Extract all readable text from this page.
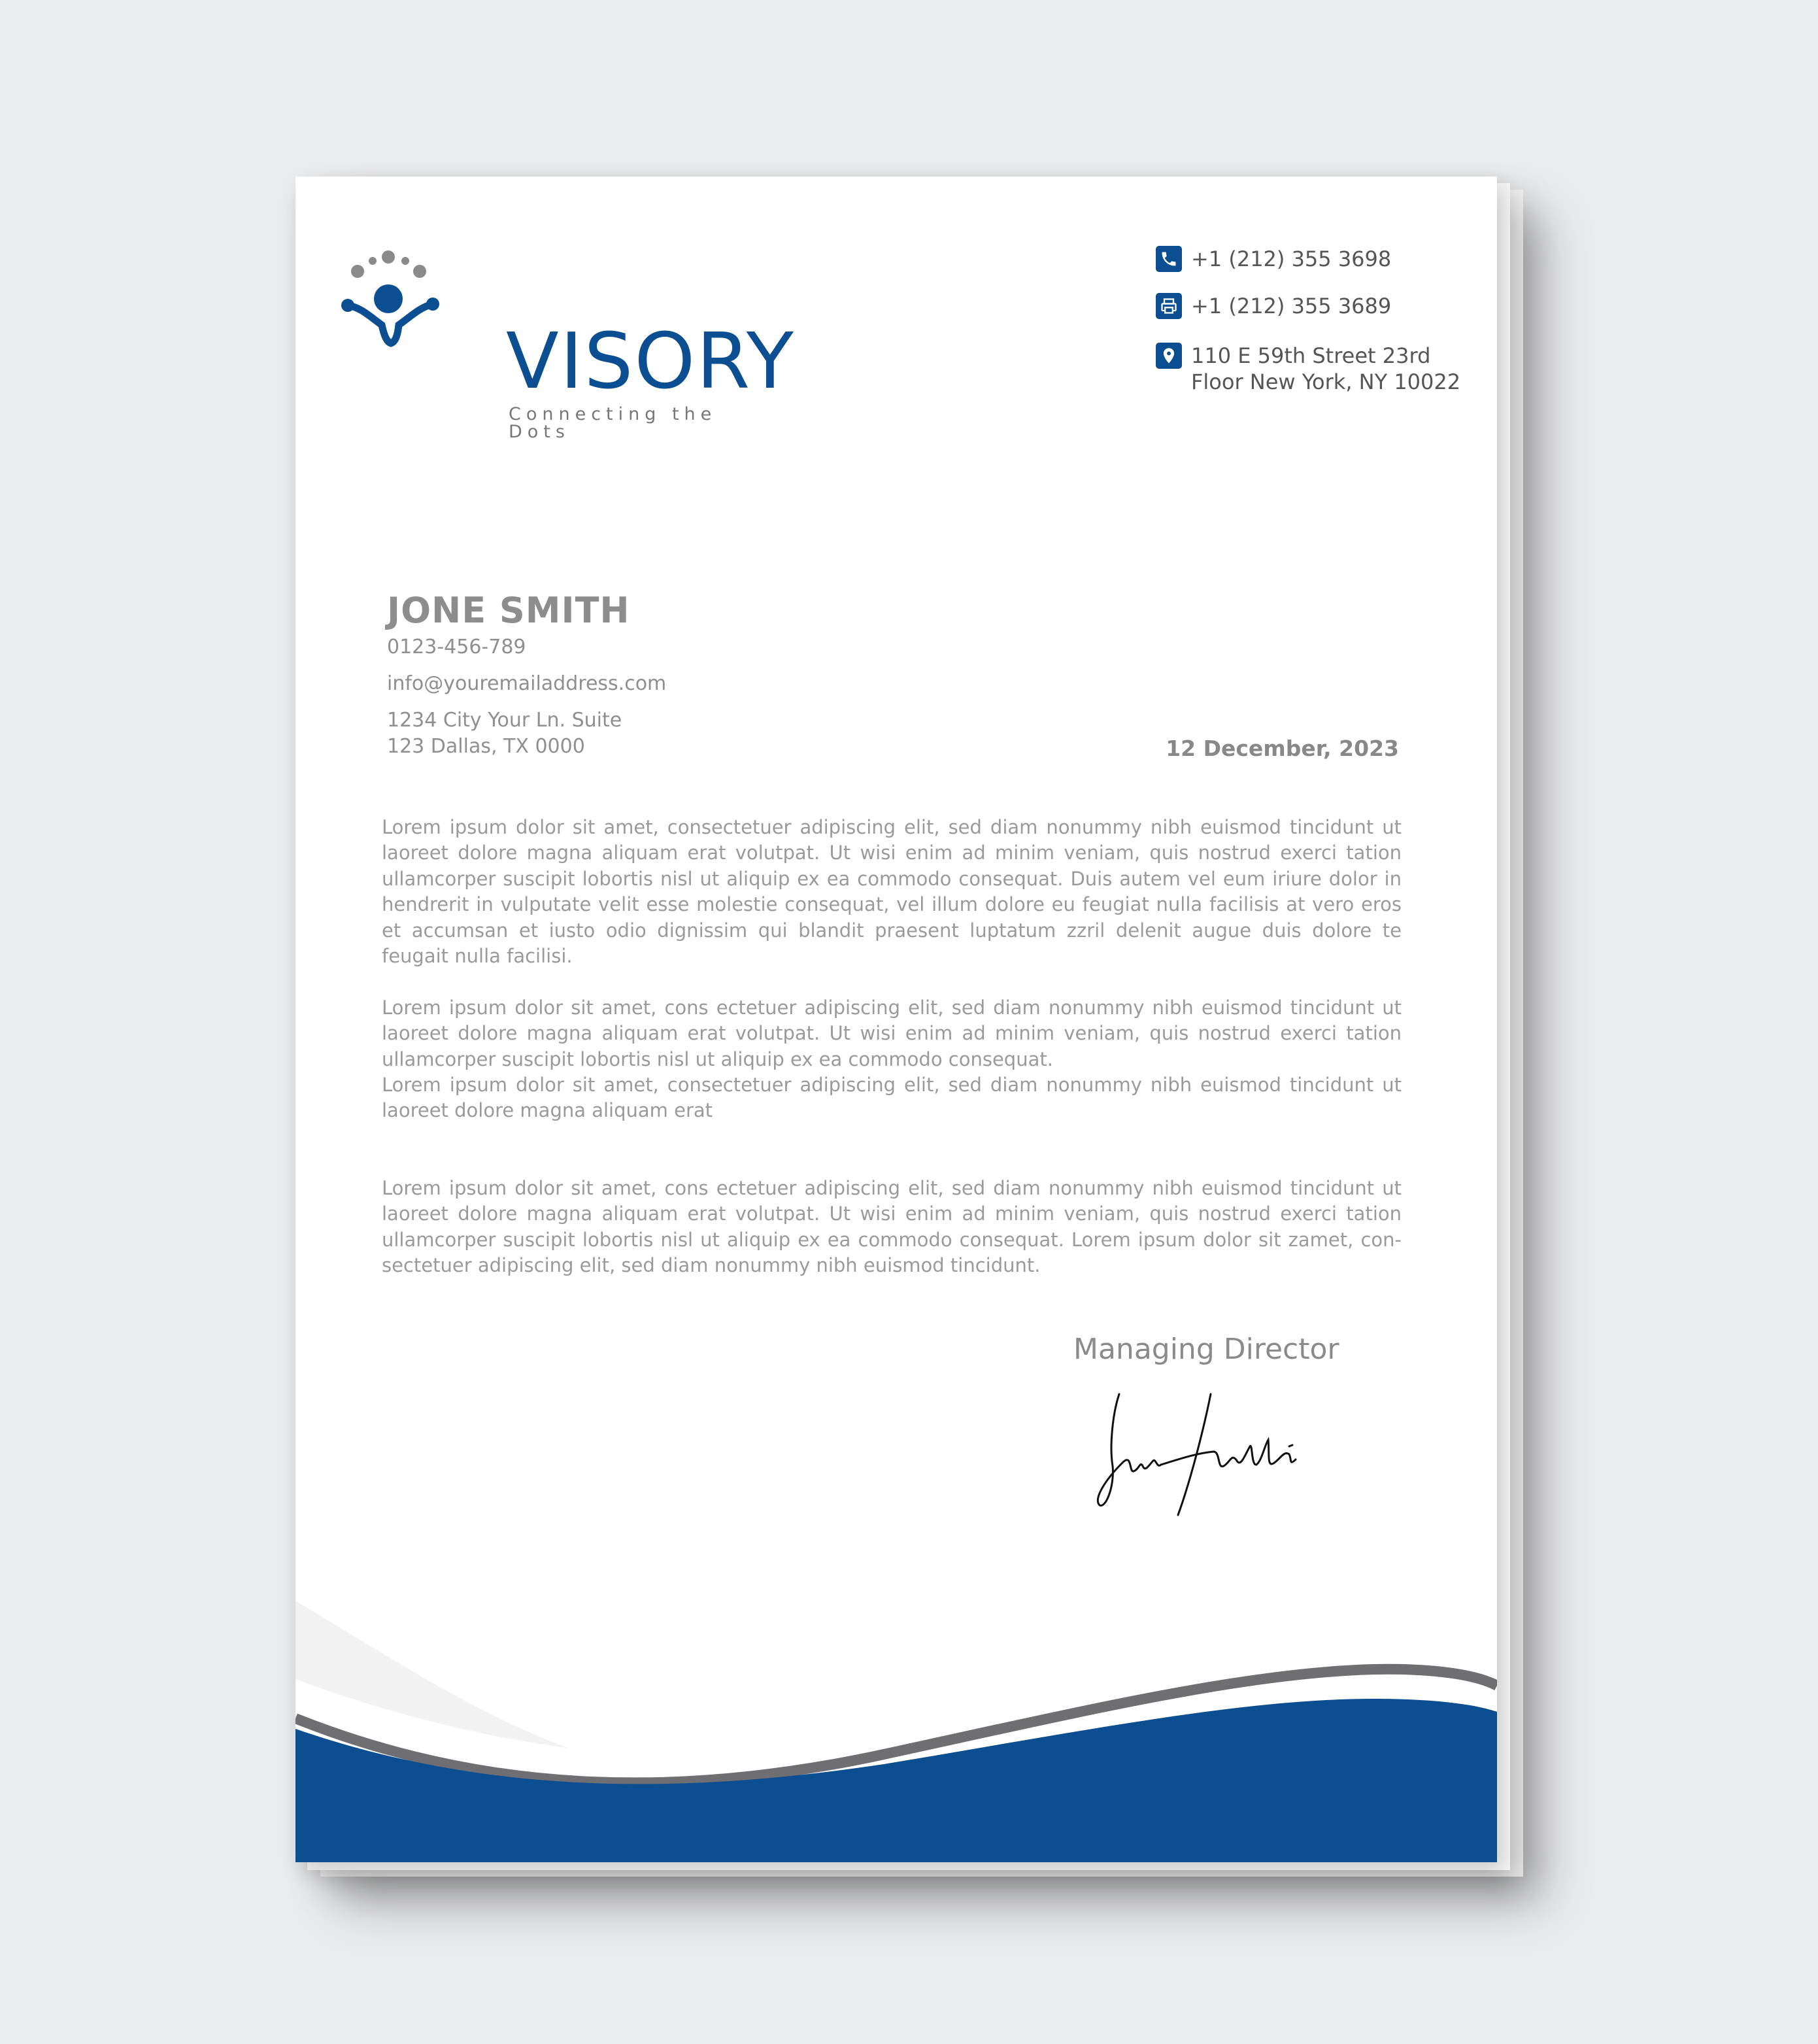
VISORY
Connecting the Dots
+1 (212) 355 3698
+1 (212) 355 3689
110 E 59th Street 23rd
Floor New York, NY 10022
JONE SMITH
0123-456-789
info@youremailaddress.com
1234 City Your Ln. Suite
123 Dallas, TX 0000	12 December, 2023
Lorem ipsum dolor sit amet, consectetuer adipiscing elit, sed diam nonummy nibh euismod tincidunt ut laoreet dolore magna aliquam erat volutpat. Ut wisi enim ad minim veniam, quis nostrud exerci tation ullamcorper suscipit lobortis nisl ut aliquip ex ea commodo consequat. Duis autem vel eum iriure dolor in hendrerit in vulputate velit esse molestie consequat, vel illum dolore eu feugiat nulla facilisis at vero eros et accumsan et iusto odio dignissim qui blandit praesent luptatum zzril delenit augue duis dolore te feugait nulla facilisi.
Lorem ipsum dolor sit amet, cons ectetuer adipiscing elit, sed diam nonummy nibh euismod tincidunt ut laoreet dolore magna aliquam erat volutpat. Ut wisi enim ad minim veniam, quis nostrud exerci tation ullamcorper suscipit lobortis nisl ut aliquip ex ea commodo consequat.
Lorem ipsum dolor sit amet, consectetuer adipiscing elit, sed diam nonummy nibh euismod tincidunt ut laoreet dolore magna aliquam erat
Lorem ipsum dolor sit amet, cons ectetuer adipiscing elit, sed diam nonummy nibh euismod tincidunt ut laoreet dolore magna aliquam erat volutpat. Ut wisi enim ad minim veniam, quis nostrud exerci tation ullamcorper suscipit lobortis nisl ut aliquip ex ea commodo consequat. Lorem ipsum dolor sit zamet, con-sectetuer adipiscing elit, sed diam nonummy nibh euismod tincidunt.
Managing Director
